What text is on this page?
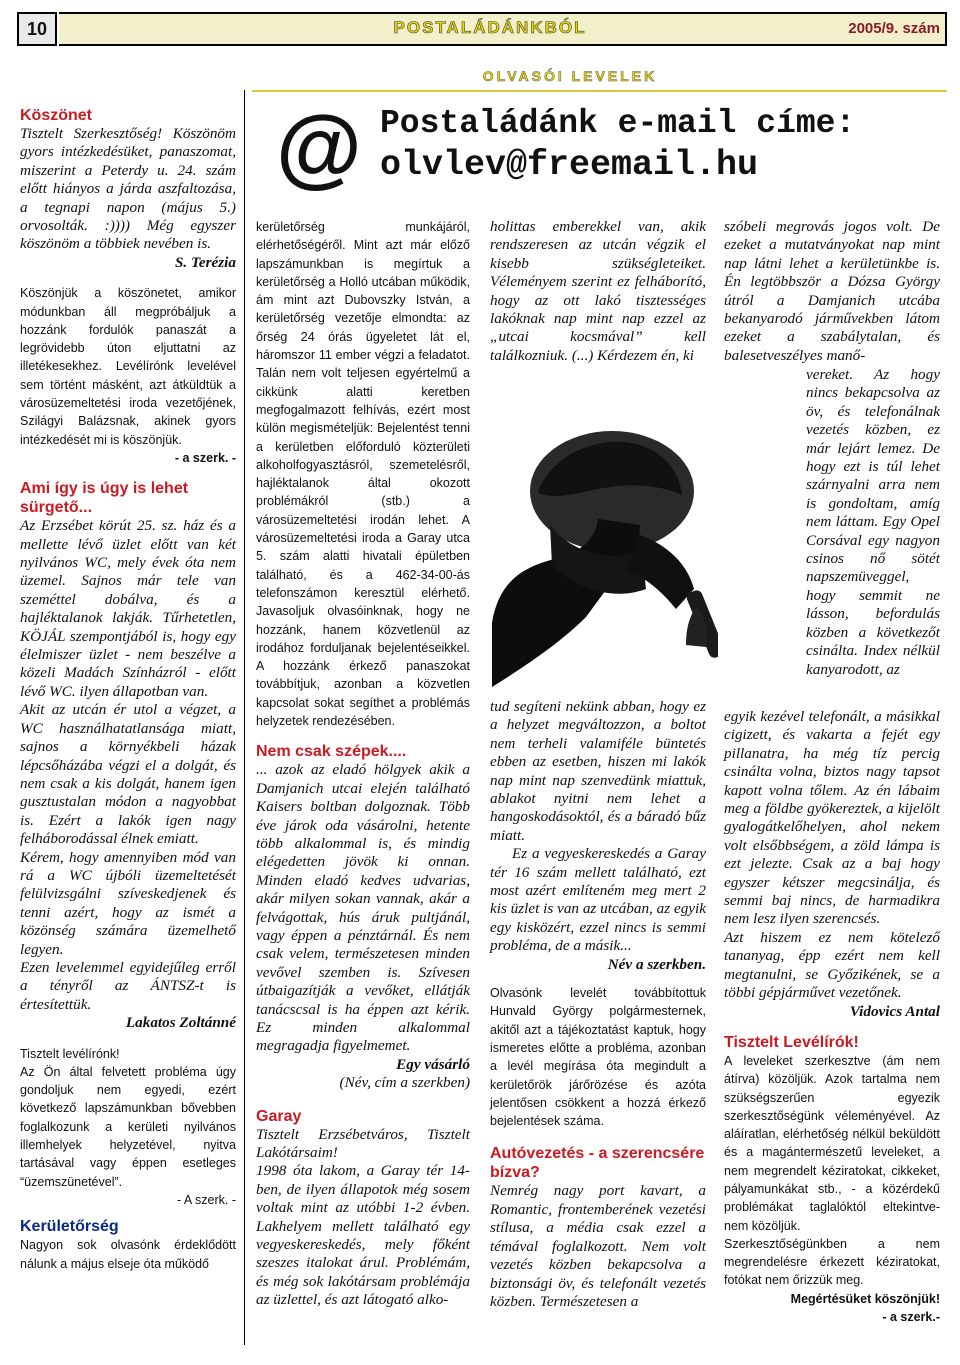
10	POSTALÁDÁNKBÓL	2005/9. szám
OLVASÓI LEVELEK
@ Postaládánk e-mail címe:
olvlev@freemail.hu
Köszönet

Tisztelt Szerkesztőség! Köszönöm gyors intézkedésüket, panaszomat, miszerint a Peterdy u. 24. szám előtt hiányos a járda aszfaltozása, a tegnapi napon (május 5.) orvosolták. :)))) Még egyszer köszönöm a többiek nevében is.

S. Terézia

Köszönjük a köszönetet, amikor módunkban áll megpróbáljuk a hozzánk fordulók panaszát a legrövidebb úton eljuttatni az illetékesekhez. Levélírónk levelével sem történt másként, azt átküldtük a városüzemeltetési iroda vezetőjének, Szilágyi Balázsnak, akinek gyors intézkedését mi is köszönjük.

- a szerk. -

Ami így is úgy is lehet sürgető...

Az Erzsébet körút 25. sz. ház és a mellette lévő üzlet előtt van két nyilvános WC, mely évek óta nem üzemel. Sajnos már tele van szeméttel dobálva, és a hajléktalanok lakják. Tűrhetetlen, KÖJÁL szempontjából is, hogy egy élelmiszer üzlet - nem beszélve a közeli Madách Színházról - előtt lévő WC. ilyen állapotban van.

Akit az utcán ér utol a végzet, a WC használhatatlansága miatt, sajnos a környékbeli házak lépcsőházába végzi el a dolgát, és nem csak a kis dolgát, hanem igen gusztustalan módon a nagyobbat is. Ezért a lakók igen nagy felháborodással élnek emiatt.

Kérem, hogy amennyiben mód van rá a WC újbóli üzemeltetését felülvizsgálni szíveskedjenek és tenni azért, hogy az ismét a közönség számára üzemelhető legyen.

Ezen levelemmel egyidejűleg erről a tényről az ÁNTSZ-t is értesítettük.

Lakatos Zoltánné

Tisztelt levélírónk!

Az Ön által felvetett probléma úgy gondoljuk nem egyedi, ezért következő lapszámunkban bővebben foglalkozunk a kerületi nyilvános illemhelyek helyzetével, nyitva tartásával vagy éppen esetleges “üzemszünetével”.

- A szerk. -

Kerületőrség

Nagyon sok olvasónk érdeklődött nálunk a május elseje óta működő

kerületőrség munkájáról, elérhetőségéről. Mint azt már előző lapszámunkban is megírtuk a kerületőrség a Holló utcában működik, ám mint azt Dubovszky István, a kerületőrség vezetője elmondta: az őrség 24 órás ügyeletet lát el, háromszor 11 ember végzi a feladatot. Talán nem volt teljesen egyértelmű a cikkünk alatti keretben megfogalmazott felhívás, ezért most külön megismételjük: Bejelentést tenni a kerületben előforduló közterületi alkoholfogyasztásról, szemetelésről, hajléktalanok által okozott problémákról (stb.) a városüzemeltetési irodán lehet. A városüzemeltetési iroda a Garay utca 5. szám alatti hivatali épületben található, és a 462-34-00-ás telefonszámon keresztül elérhető. Javasoljuk olvasóinknak, hogy ne hozzánk, hanem közvetlenül az irodához forduljanak bejelentéseikkel. A hozzánk érkező panaszokat továbbítjuk, azonban a közvetlen kapcsolat sokat segíthet a problémás helyzetek rendezésében.

Nem csak szépek....

... azok az eladó hölgyek akik a Damjanich utcai elején található Kaisers boltban dolgoznak. Több éve járok oda vásárolni, hetente több alkalommal is, és mindig elégedetten jövök ki onnan. Minden eladó kedves udvarias, akár milyen sokan vannak, akár a felvágottak, hús áruk pultjánál, vagy éppen a pénztárnál. És nem csak velem, természetesen minden vevővel szemben is. Szívesen útbaigazítják a vevőket, ellátják tanácscsal is ha éppen azt kérik. Ez minden alkalommal megragadja figyelmemet.

Egy vásárló

(Név, cím a szerkben)

Garay

Tisztelt Erzsébetváros, Tisztelt Lakótársaim!

1998 óta lakom, a Garay tér 14-ben, de ilyen állapotok még sosem voltak mint az utóbbi 1-2 évben. Lakhelyem mellett található egy vegyeskereskedés, mely főként szeszes italokat árul. Problémám, és még sok lakótársam problémája az üzlettel, és azt látogató alko-

holittas emberekkel van, akik rendszeresen az utcán végzik el kisebb szükségleteiket. Véleményem szerint ez felháborító, hogy az ott lakó tisztességes lakóknak nap mint nap ezzel az „utcai kocsmával” kell találkozniuk. (...) Kérdezem én, ki

tud segíteni nekünk abban, hogy ez a helyzet megváltozzon, a boltot nem terheli valamiféle büntetés ebben az esetben, hiszen mi lakók nap mint nap szenvedünk miattuk, ablakot nyitni nem lehet a hangoskodásoktól, és a báradó bűz miatt.

Ez a vegyeskereskedés a Garay tér 16 szám mellett található, ezt most azért említeném meg mert 2 kis üzlet is van az utcában, az egyik egy kisközért, ezzel nincs is semmi probléma, de a másik...

Név a szerkben.

Olvasónk levelét továbbítottuk Hunvald György polgármesternek, akitől azt a tájékoztatást kaptuk, hogy ismeretes előtte a probléma, azonban a levél megírása óta megindult a kerületőrök járőrözése és azóta jelentősen csökkent a hozzá érkező bejelentések száma.

Autóvezetés - a szerencsére bízva?

Nemrég nagy port kavart, a Romantic, frontemberének vezetési stílusa, a média csak ezzel a témával foglalkozott. Nem volt vezetés közben bekapcsolva a biztonsági öv, és telefonált vezetés közben. Természetesen a

szóbeli megrovás jogos volt. De ezeket a mutatványokat nap mint nap látni lehet a kerületünkbe is. Én legtöbbször a Dózsa György útról a Damjanich utcába bekanyarodó járművekben látom ezeket a szabálytalan, és balesetveszélyes manő-

vereket. Az hogy nincs bekapcsolva az öv, és telefonálnak vezetés közben, ez már lejárt lemez. De hogy ezt is túl lehet szárnyalni arra nem is gondoltam, amíg nem láttam. Egy Opel Corsával egy nagyon csinos nő sötét napszemüveggel, hogy semmit ne lásson, befordulás közben a következőt csinálta. Index nélkül kanyarodott, az

egyik kezével telefonált, a másikkal cigizett, és vakarta a fejét egy pillanatra, ha még tíz percig csinálta volna, biztos nagy tapsot kapott volna tőlem. Az én lábaim meg a földbe gyökereztek, a kijelölt gyalogátkelőhelyen, ahol nekem volt elsőbbségem, a zöld lámpa is ezt jelezte. Csak az a baj hogy egyszer kétszer megcsinálja, és semmi baj nincs, de harmadikra nem lesz ilyen szerencsés.

Azt hiszem ez nem kötelező tananyag, épp ezért nem kell megtanulni, se Győzikének, se a többi gépjárművet vezetőnek.

Vidovics Antal

Tisztelt Levélírók!

A leveleket szerkesztve (ám nem átírva) közöljük. Azok tartalma nem szükségszerűen egyezik szerkesztőségünk véleményével. Az aláíratlan, elérhetőség nélkül beküldött és a magántermészetű leveleket, a nem megrendelt kéziratokat, cikkeket, pályamunkákat stb., - a közérdekű problémákat taglalóktól eltekintve- nem közöljük.

Szerkesztőségünkben a nem megrendelésre érkezett kéziratokat, fotókat nem őrizzük meg.

Megértésüket köszönjük!

- a szerk.-
